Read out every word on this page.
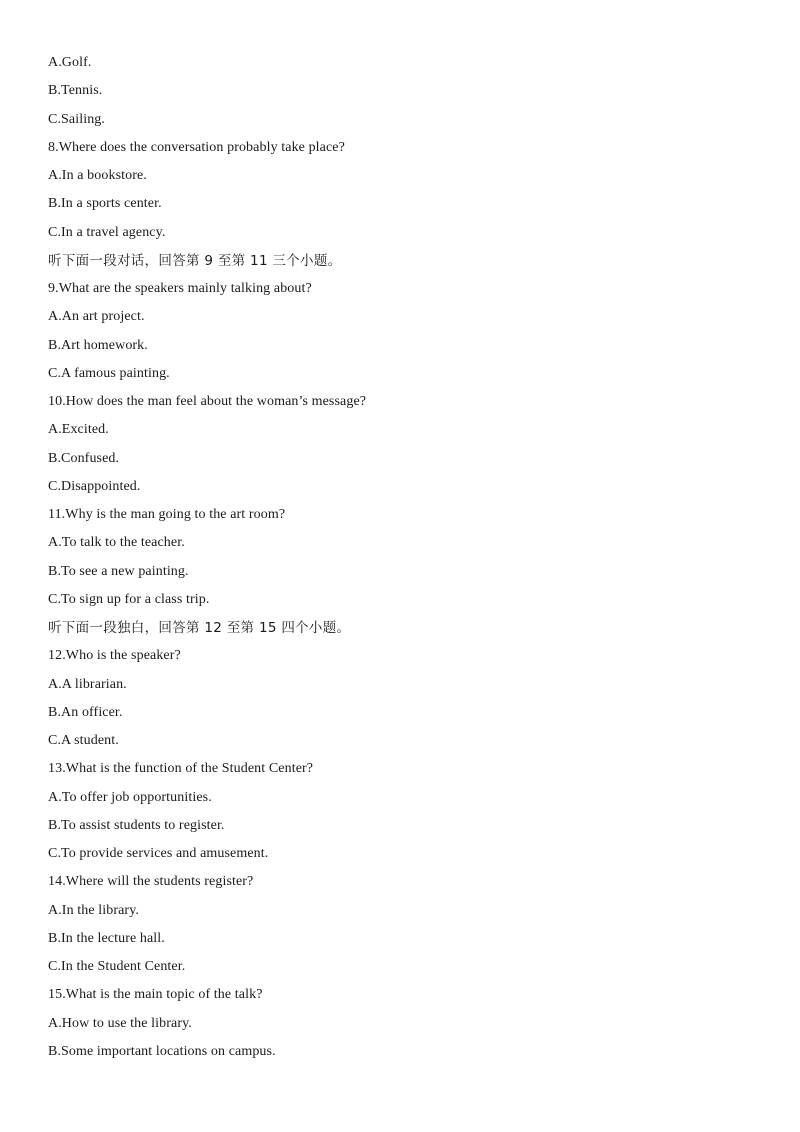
A.Golf.
B.Tennis.
C.Sailing.
8.Where does the conversation probably take place?
A.In a bookstore.
B.In a sports center.
C.In a travel agency.
听下面一段对话，回答第 9 至第 11 三个小题。
9.What are the speakers mainly talking about?
A.An art project.
B.Art homework.
C.A famous painting.
10.How does the man feel about the woman’s message?
A.Excited.
B.Confused.
C.Disappointed.
11.Why is the man going to the art room?
A.To talk to the teacher.
B.To see a new painting.
C.To sign up for a class trip.
听下面一段独白，回答第 12 至第 15 四个小题。
12.Who is the speaker?
A.A librarian.
B.An officer.
C.A student.
13.What is the function of the Student Center?
A.To offer job opportunities.
B.To assist students to register.
C.To provide services and amusement.
14.Where will the students register?
A.In the library.
B.In the lecture hall.
C.In the Student Center.
15.What is the main topic of the talk?
A.How to use the library.
B.Some important locations on campus.
